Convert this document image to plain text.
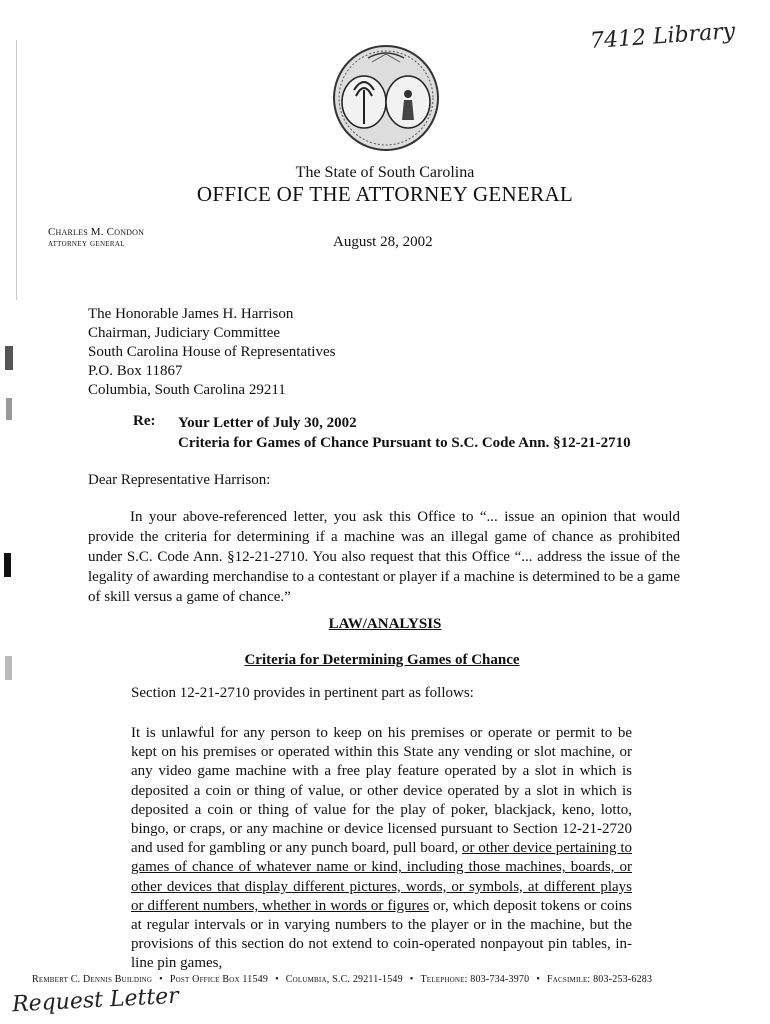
7412 Library
The State of South Carolina
OFFICE OF THE ATTORNEY GENERAL
Charles M. Condon
attorney general	August 28, 2002
The Honorable James H. Harrison
Chairman, Judiciary Committee
South Carolina House of Representatives
P.O. Box 11867
Columbia, South Carolina 29211
Re: Your Letter of July 30, 2002
Criteria for Games of Chance Pursuant to S.C. Code Ann. §12-21-2710
Dear Representative Harrison:
In your above-referenced letter, you ask this Office to “... issue an opinion that would provide the criteria for determining if a machine was an illegal game of chance as prohibited under S.C. Code Ann. §12-21-2710. You also request that this Office “... address the issue of the legality of awarding merchandise to a contestant or player if a machine is determined to be a game of skill versus a game of chance.”
LAW/ANALYSIS
Criteria for Determining Games of Chance
Section 12-21-2710 provides in pertinent part as follows:
It is unlawful for any person to keep on his premises or operate or permit to be kept on his premises or operated within this State any vending or slot machine, or any video game machine with a free play feature operated by a slot in which is deposited a coin or thing of value, or other device operated by a slot in which is deposited a coin or thing of value for the play of poker, blackjack, keno, lotto, bingo, or craps, or any machine or device licensed pursuant to Section 12-21-2720 and used for gambling or any punch board, pull board, or other device pertaining to games of chance of whatever name or kind, including those machines, boards, or other devices that display different pictures, words, or symbols, at different plays or different numbers, whether in words or figures or, which deposit tokens or coins at regular intervals or in varying numbers to the player or in the machine, but the provisions of this section do not extend to coin-operated nonpayout pin tables, in-line pin games,
Rembert C. Dennis Building • Post Office Box 11549 • Columbia, S.C. 29211-1549 • Telephone: 803-734-3970 • Facsimile: 803-253-6283
Request Letter
